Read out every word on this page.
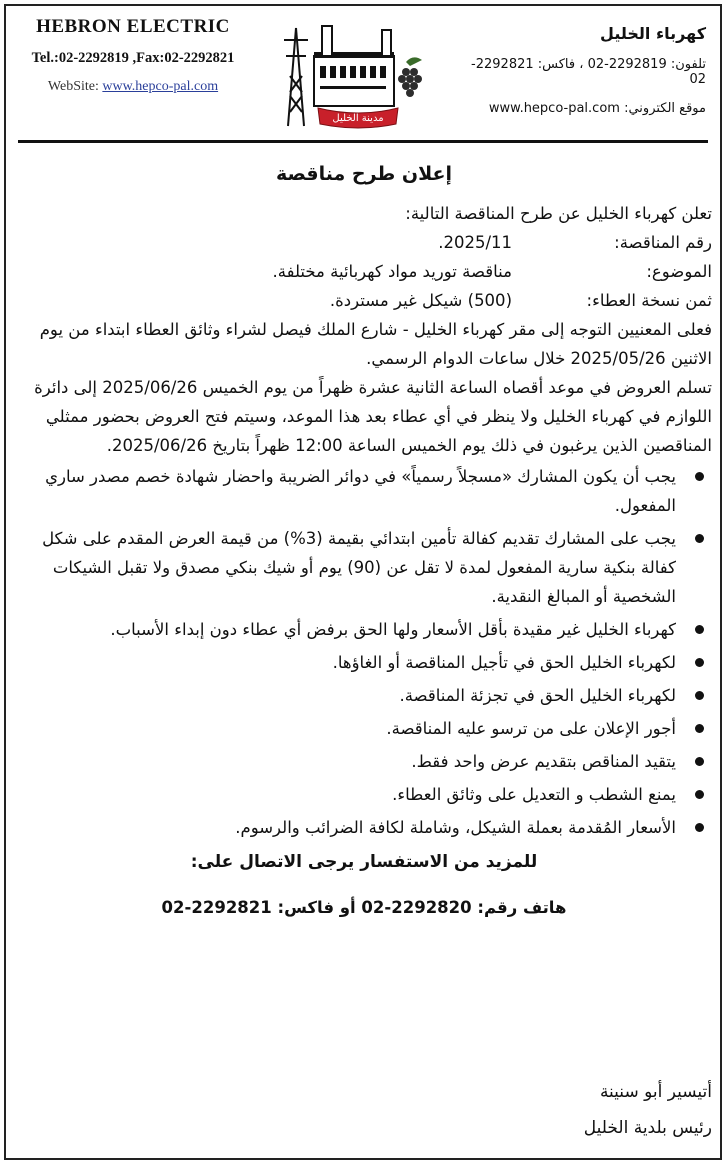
HEBRON ELECTRIC
Tel.:02-2292819 ,Fax:02-2292821
WebSite: www.hepco-pal.com
مدينة الخليل
كهرباء الخليل
تلفون: 2292819-02 ، فاكس: 2292821-02
موقع الكتروني: www.hepco-pal.com
إعلان طرح مناقصة
تعلن كهرباء الخليل عن طرح المناقصة التالية:
رقم المناقصة:
2025/11.
الموضوع:
مناقصة توريد مواد كهربائية مختلفة.
ثمن نسخة العطاء:
(500) شيكل غير مستردة.
فعلى المعنيين التوجه إلى مقر كهرباء الخليل - شارع الملك فيصل لشراء وثائق العطاء ابتداء من يوم الاثنين 2025/05/26 خلال ساعات الدوام الرسمي.
تسلم العروض في موعد أقصاه الساعة الثانية عشرة ظهراً من يوم الخميس 2025/06/26 إلى دائرة اللوازم في كهرباء الخليل ولا ينظر في أي عطاء بعد هذا الموعد، وسيتم فتح العروض بحضور ممثلي المناقصين الذين يرغبون في ذلك يوم الخميس الساعة 12:00 ظهراً بتاريخ 2025/06/26.
يجب أن يكون المشارك «مسجلاً رسمياً» في دوائر الضريبة واحضار شهادة خصم مصدر ساري المفعول.
يجب على المشارك تقديم كفالة تأمين ابتدائي بقيمة (3%) من قيمة العرض المقدم على شكل كفالة بنكية سارية المفعول لمدة لا تقل عن (90) يوم أو شيك بنكي مصدق ولا تقبل الشيكات الشخصية أو المبالغ النقدية.
كهرباء الخليل غير مقيدة بأقل الأسعار ولها الحق برفض أي عطاء دون إبداء الأسباب.
لكهرباء الخليل الحق في تأجيل المناقصة أو الغاؤها.
لكهرباء الخليل الحق في تجزئة المناقصة.
أجور الإعلان على من ترسو عليه المناقصة.
يتقيد المناقص بتقديم عرض واحد فقط.
يمنع الشطب و التعديل على وثائق العطاء.
الأسعار المُقدمة بعملة الشيكل، وشاملة لكافة الضرائب والرسوم.
للمزيد من الاستفسار يرجى الاتصال على:
هاتف رقم: 2292820-02 أو فاكس: 2292821-02
أتيسير أبو سنينة
رئيس بلدية الخليل
